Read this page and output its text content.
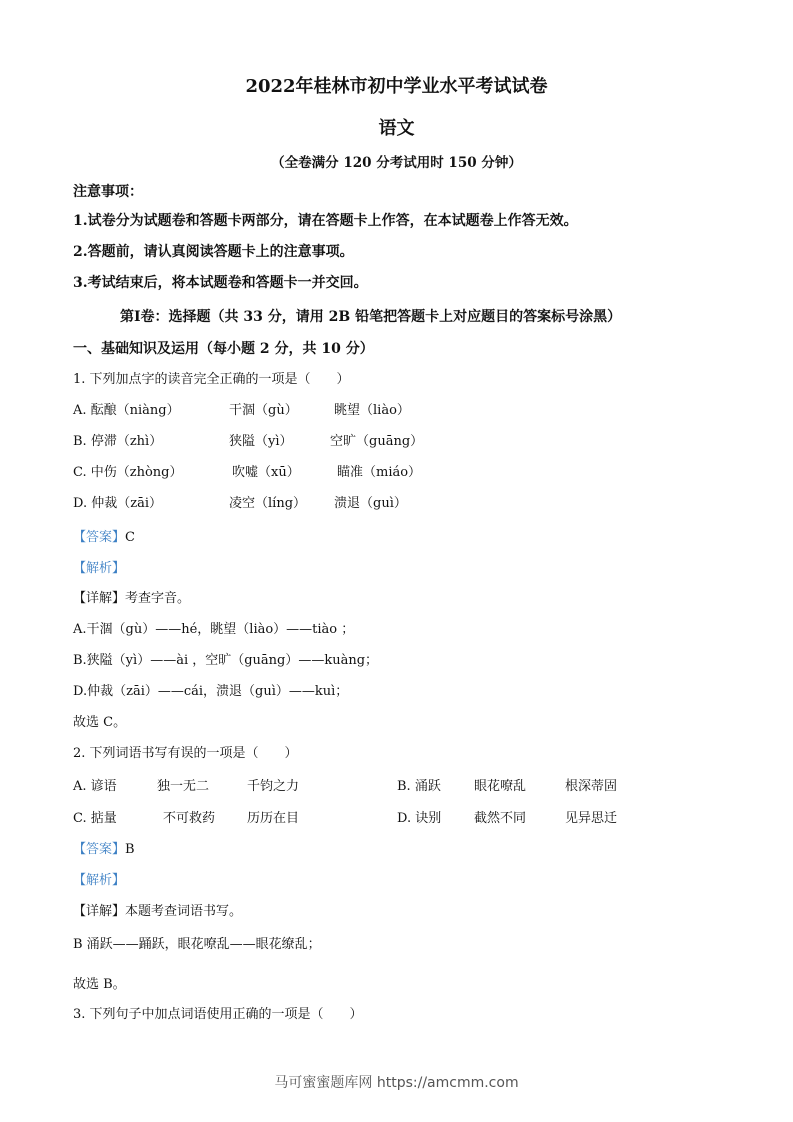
2022年桂林市初中学业水平考试试卷
语文
（全卷满分 120 分考试用时 150 分钟）
注意事项：
1.试卷分为试题卷和答题卡两部分，请在答题卡上作答，在本试题卷上作答无效。
2.答题前，请认真阅读答题卡上的注意事项。
3.考试结束后，将本试题卷和答题卡一并交回。
第Ⅰ卷：选择题（共 33 分，请用 2B 铅笔把答题卡上对应题目的答案标号涂黑）
一、基础知识及运用（每小题 2 分，共 10 分）
1. 下列加点字的读音完全正确的一项是（　　）
A. 酝酿（niàng）	干涸（gù）	眺望（liào）
B. 停滞（zhì）	狭隘（yì）	空旷（guāng）
C. 中伤（zhòng）	吹嘘（xū）	瞄准（miáo）
D. 仲裁（zāi）	凌空（líng） 溃退（guì）
【答案】C
【解析】
【详解】考查字音。
A.干涸（gù）——hé，眺望（liào）——tiào ；
B.狭隘（yì）——ài ，空旷（guāng）——kuàng；
D.仲裁（zāi）——cái，溃退（guì）——kuì；
故选 C。
2. 下列词语书写有误的一项是（　　）
A. 谚语	独一无二	千钧之力	B. 涌跃	眼花嘹乱	根深蒂固
C. 掂量	不可救药 历历在目	D. 诀别	截然不同	见异思迁
【答案】B
【解析】
【详解】本题考查词语书写。
B 涌跃——踊跃，眼花嘹乱——眼花缭乱；
故选 B。
3. 下列句子中加点词语使用正确的一项是（　　）
马可蜜蜜题库网 https://amcmm.com
